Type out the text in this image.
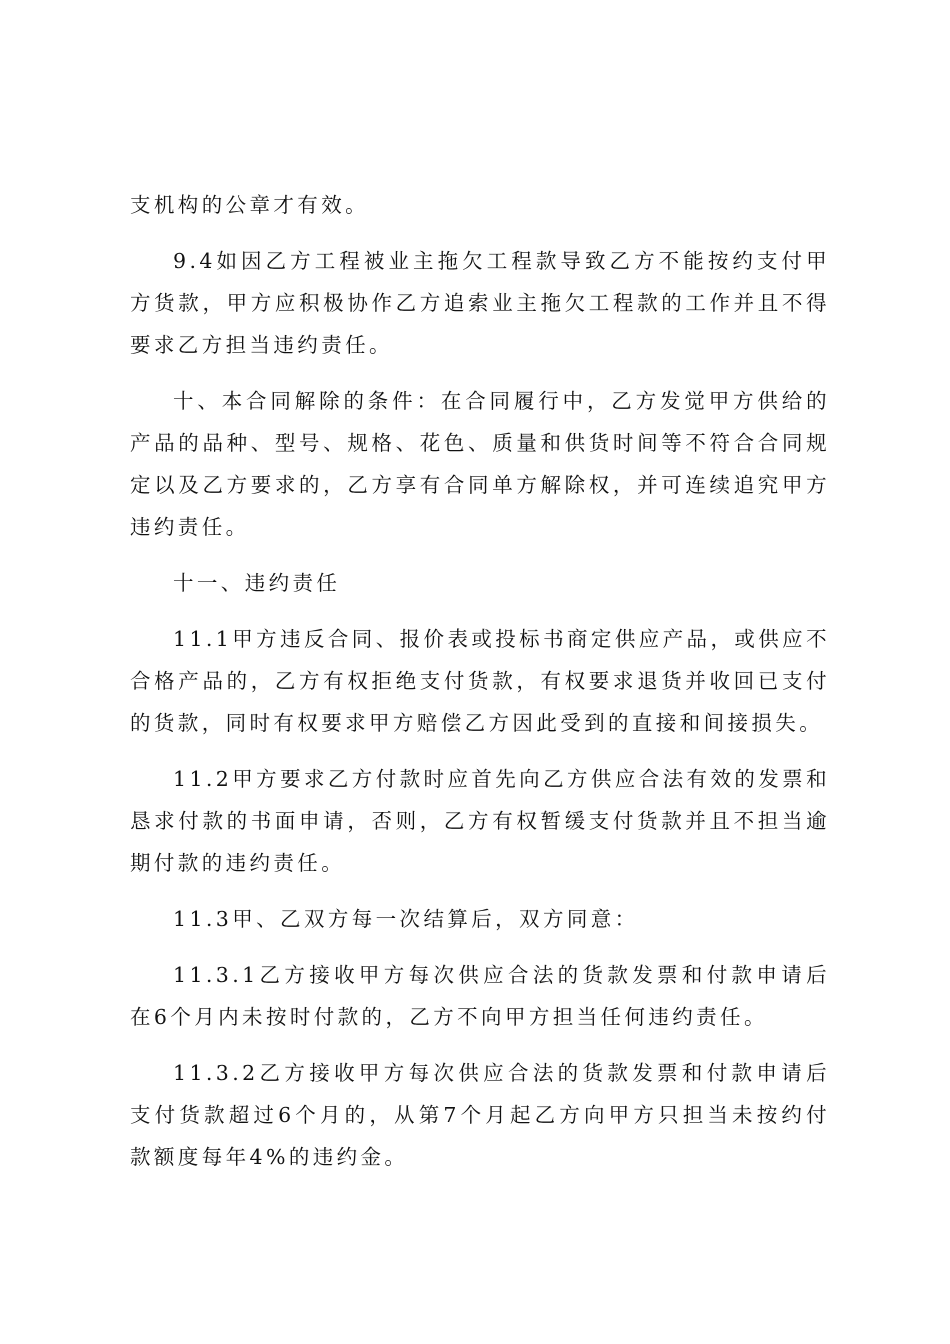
支机构的公章才有效。

9.4如因乙方工程被业主拖欠工程款导致乙方不能按约支付甲方货款，甲方应积极协作乙方追索业主拖欠工程款的工作并且不得要求乙方担当违约责任。

十、本合同解除的条件：在合同履行中，乙方发觉甲方供给的产品的品种、型号、规格、花色、质量和供货时间等不符合合同规定以及乙方要求的，乙方享有合同单方解除权，并可连续追究甲方违约责任。

十一、违约责任

11.1甲方违反合同、报价表或投标书商定供应产品，或供应不合格产品的，乙方有权拒绝支付货款，有权要求退货并收回已支付的货款，同时有权要求甲方赔偿乙方因此受到的直接和间接损失。

11.2甲方要求乙方付款时应首先向乙方供应合法有效的发票和恳求付款的书面申请，否则，乙方有权暂缓支付货款并且不担当逾期付款的违约责任。

11.3甲、乙双方每一次结算后，双方同意：

11.3.1乙方接收甲方每次供应合法的货款发票和付款申请后在6个月内未按时付款的，乙方不向甲方担当任何违约责任。

11.3.2乙方接收甲方每次供应合法的货款发票和付款申请后支付货款超过6个月的，从第7个月起乙方向甲方只担当未按约付款额度每年4%的违约金。
